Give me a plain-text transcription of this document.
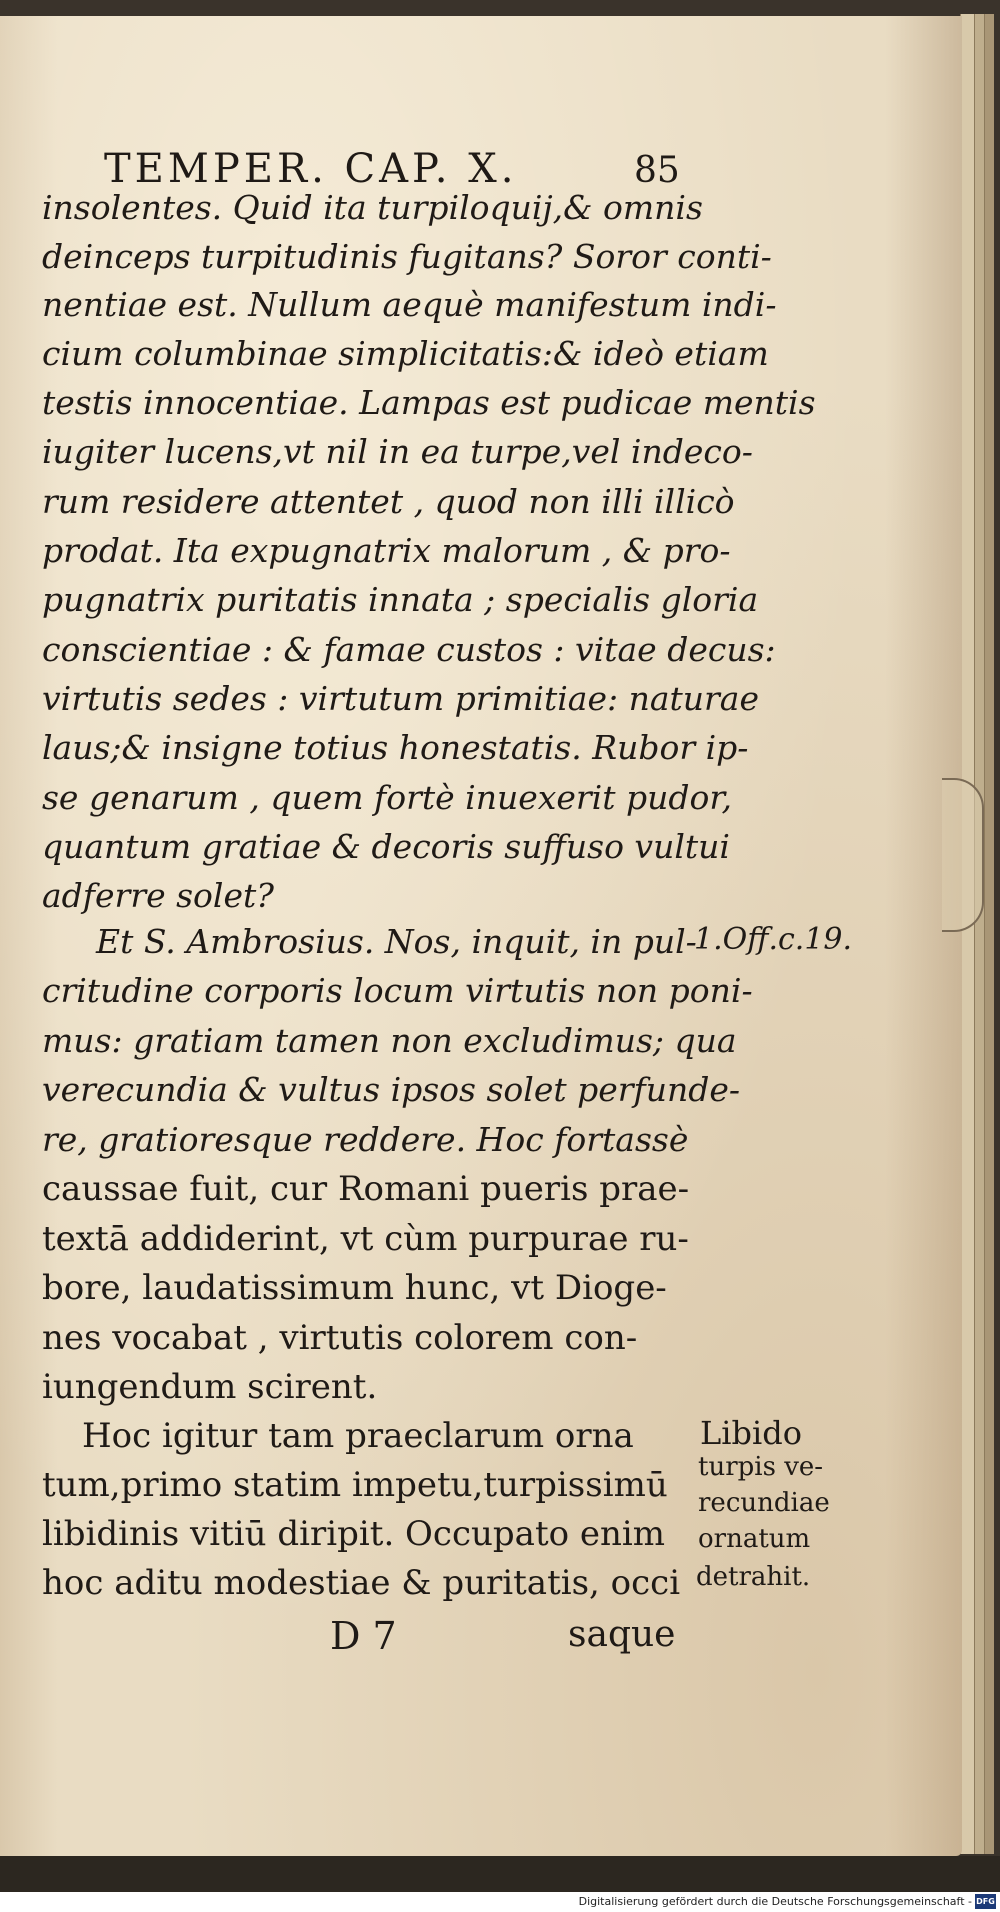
TEMPER. CAP. X.	85
insolentes. Quid ita turpiloquij,& omnis
deinceps turpitudinis fugitans? Soror conti-
nentiae est. Nullum aequè manifestum indi-
cium columbinae simplicitatis:& ideò etiam
testis innocentiae. Lampas est pudicae mentis
iugiter lucens,vt nil in ea turpe,vel indeco-
rum residere attentet , quod non illi illicò
prodat. Ita expugnatrix malorum , & pro-
pugnatrix puritatis innata ; specialis gloria
conscientiae : & famae custos : vitae decus:
virtutis sedes : virtutum primitiae: naturae
laus;& insigne totius honestatis. Rubor ip-
se genarum , quem fortè inuexerit pudor,
quantum gratiae & decoris suffuso vultui
adferre solet?
Et S. Ambrosius. Nos, inquit, in pul-
critudine corporis locum virtutis non poni-
mus: gratiam tamen non excludimus; qua
verecundia & vultus ipsos solet perfunde-
re, gratioresque reddere. Hoc fortassè
caussae fuit, cur Romani pueris prae-
textā addiderint, vt cùm purpurae ru-
bore, laudatissimum hunc, vt Dioge-
nes vocabat , virtutis colorem con-
iungendum scirent.
Hoc igitur tam praeclarum orna
tum,primo statim impetu,turpissimū
libidinis vitiū diripit. Occupato enim
hoc aditu modestiae & puritatis, occi
1.Off.c.19.
Libido
turpis ve-
recundiae
ornatum
detrahit.
D 7	saque
Digitalisierung gefördert durch die Deutsche Forschungsgemeinschaft - DFG
